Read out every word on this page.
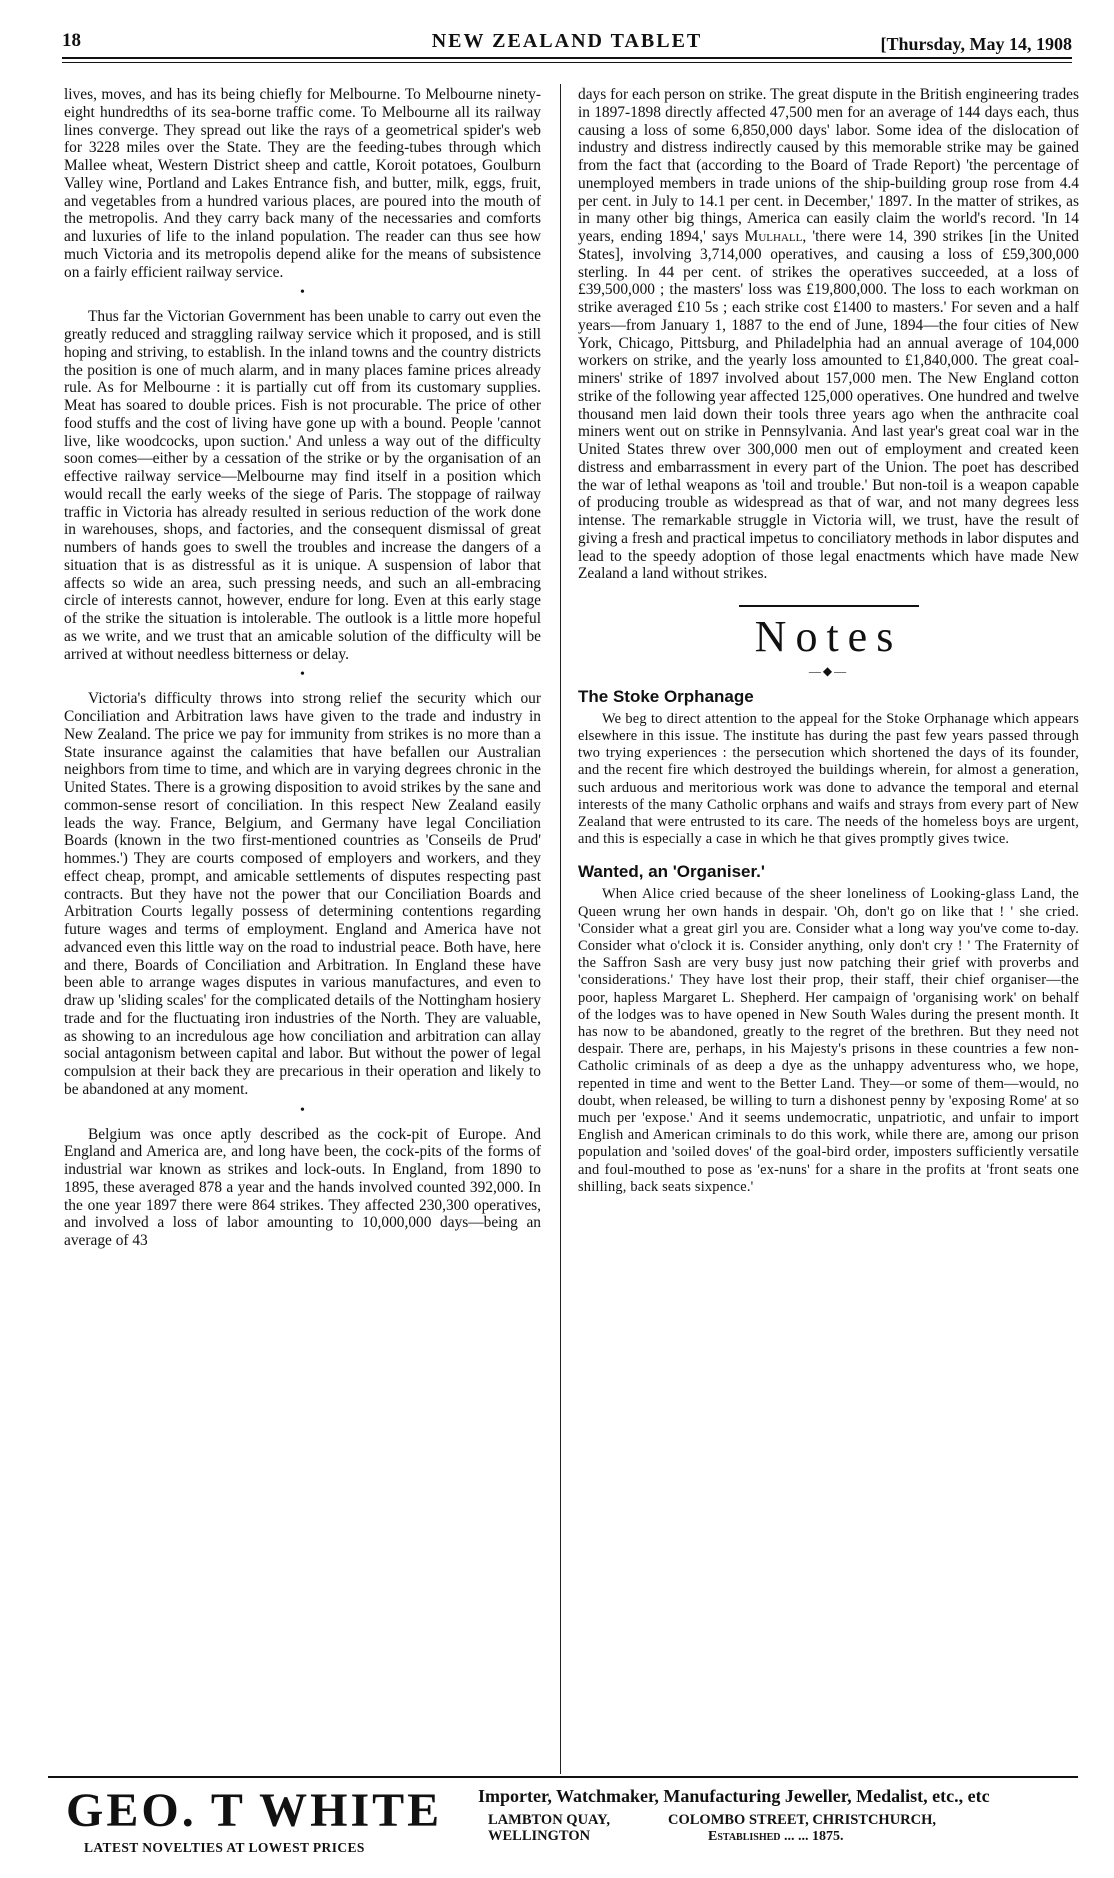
18	NEW ZEALAND TABLET	[Thursday, May 14, 1908

lives, moves, and has its being chiefly for Melbourne. To Melbourne ninety-eight hundredths of its sea-borne traffic come. To Melbourne all its railway lines converge. They spread out like the rays of a geometrical spider's web for 3228 miles over the State. They are the feeding-tubes through which Mallee wheat, Western District sheep and cattle, Koroit potatoes, Goulburn Valley wine, Portland and Lakes Entrance fish, and butter, milk, eggs, fruit, and vegetables from a hundred various places, are poured into the mouth of the metropolis. And they carry back many of the necessaries and comforts and luxuries of life to the inland population. The reader can thus see how much Victoria and its metropolis depend alike for the means of subsistence on a fairly efficient railway service.

•

Thus far the Victorian Government has been unable to carry out even the greatly reduced and straggling railway service which it proposed, and is still hoping and striving, to establish. In the inland towns and the country districts the position is one of much alarm, and in many places famine prices already rule. As for Melbourne : it is partially cut off from its customary supplies. Meat has soared to double prices. Fish is not procurable. The price of other food stuffs and the cost of living have gone up with a bound. People 'cannot live, like woodcocks, upon suction.' And unless a way out of the difficulty soon comes—either by a cessation of the strike or by the organisation of an effective railway service—Melbourne may find itself in a position which would recall the early weeks of the siege of Paris. The stoppage of railway traffic in Victoria has already resulted in serious reduction of the work done in warehouses, shops, and factories, and the consequent dismissal of great numbers of hands goes to swell the troubles and increase the dangers of a situation that is as distressful as it is unique. A suspension of labor that affects so wide an area, such pressing needs, and such an all-embracing circle of interests cannot, however, endure for long. Even at this early stage of the strike the situation is intolerable. The outlook is a little more hopeful as we write, and we trust that an amicable solution of the difficulty will be arrived at without needless bitterness or delay.

•

Victoria's difficulty throws into strong relief the security which our Conciliation and Arbitration laws have given to the trade and industry in New Zealand. The price we pay for immunity from strikes is no more than a State insurance against the calamities that have befallen our Australian neighbors from time to time, and which are in varying degrees chronic in the United States. There is a growing disposition to avoid strikes by the sane and common-sense resort of conciliation. In this respect New Zealand easily leads the way. France, Belgium, and Germany have legal Conciliation Boards (known in the two first-mentioned countries as 'Conseils de Prud' hommes.') They are courts composed of employers and workers, and they effect cheap, prompt, and amicable settlements of disputes respecting past contracts. But they have not the power that our Conciliation Boards and Arbitration Courts legally possess of determining contentions regarding future wages and terms of employment. England and America have not advanced even this little way on the road to industrial peace. Both have, here and there, Boards of Conciliation and Arbitration. In England these have been able to arrange wages disputes in various manufactures, and even to draw up 'sliding scales' for the complicated details of the Nottingham hosiery trade and for the fluctuating iron industries of the North. They are valuable, as showing to an incredulous age how conciliation and arbitration can allay social antagonism between capital and labor. But without the power of legal compulsion at their back they are precarious in their operation and likely to be abandoned at any moment.

•

Belgium was once aptly described as the cock-pit of Europe. And England and America are, and long have been, the cock-pits of the forms of industrial war known as strikes and lock-outs. In England, from 1890 to 1895, these averaged 878 a year and the hands involved counted 392,000. In the one year 1897 there were 864 strikes. They affected 230,300 operatives, and involved a loss of labor amounting to 10,000,000 days—being an average of 43

days for each person on strike. The great dispute in the British engineering trades in 1897-1898 directly affected 47,500 men for an average of 144 days each, thus causing a loss of some 6,850,000 days' labor. Some idea of the dislocation of industry and distress indirectly caused by this memorable strike may be gained from the fact that (according to the Board of Trade Report) 'the percentage of unemployed members in trade unions of the ship-building group rose from 4.4 per cent. in July to 14.1 per cent. in December,' 1897. In the matter of strikes, as in many other big things, America can easily claim the world's record. 'In 14 years, ending 1894,' says Mulhall, 'there were 14, 390 strikes [in the United States], involving 3,714,000 operatives, and causing a loss of £59,300,000 sterling. In 44 per cent. of strikes the operatives succeeded, at a loss of £39,500,000 ; the masters' loss was £19,800,000. The loss to each workman on strike averaged £10 5s ; each strike cost £1400 to masters.' For seven and a half years—from January 1, 1887 to the end of June, 1894—the four cities of New York, Chicago, Pittsburg, and Philadelphia had an annual average of 104,000 workers on strike, and the yearly loss amounted to £1,840,000. The great coal-miners' strike of 1897 involved about 157,000 men. The New England cotton strike of the following year affected 125,000 operatives. One hundred and twelve thousand men laid down their tools three years ago when the anthracite coal miners went out on strike in Pennsylvania. And last year's great coal war in the United States threw over 300,000 men out of employment and created keen distress and embarrassment in every part of the Union. The poet has described the war of lethal weapons as 'toil and trouble.' But non-toil is a weapon capable of producing trouble as widespread as that of war, and not many degrees less intense. The remarkable struggle in Victoria will, we trust, have the result of giving a fresh and practical impetus to conciliatory methods in labor disputes and lead to the speedy adoption of those legal enactments which have made New Zealand a land without strikes.

Notes
—◆—
The Stoke Orphanage

We beg to direct attention to the appeal for the Stoke Orphanage which appears elsewhere in this issue. The institute has during the past few years passed through two trying experiences : the persecution which shortened the days of its founder, and the recent fire which destroyed the buildings wherein, for almost a generation, such arduous and meritorious work was done to advance the temporal and eternal interests of the many Catholic orphans and waifs and strays from every part of New Zealand that were entrusted to its care. The needs of the homeless boys are urgent, and this is especially a case in which he that gives promptly gives twice.

Wanted, an 'Organiser.'

When Alice cried because of the sheer loneliness of Looking-glass Land, the Queen wrung her own hands in despair. 'Oh, don't go on like that ! ' she cried. 'Consider what a great girl you are. Consider what a long way you've come to-day. Consider what o'clock it is. Consider anything, only don't cry ! ' The Fraternity of the Saffron Sash are very busy just now patching their grief with proverbs and 'considerations.' They have lost their prop, their staff, their chief organiser—the poor, hapless Margaret L. Shepherd. Her campaign of 'organising work' on behalf of the lodges was to have opened in New South Wales during the present month. It has now to be abandoned, greatly to the regret of the brethren. But they need not despair. There are, perhaps, in his Majesty's prisons in these countries a few non-Catholic criminals of as deep a dye as the unhappy adventuress who, we hope, repented in time and went to the Better Land. They—or some of them—would, no doubt, when released, be willing to turn a dishonest penny by 'exposing Rome' at so much per 'expose.' And it seems undemocratic, unpatriotic, and unfair to import English and American criminals to do this work, while there are, among our prison population and 'soiled doves' of the goal-bird order, imposters sufficiently versatile and foul-mouthed to pose as 'ex-nuns' for a share in the profits at 'front seats one shilling, back seats sixpence.'

GEO. T WHITE
LATEST NOVELTIES AT LOWEST PRICES
Importer, Watchmaker, Manufacturing Jeweller, Medalist, etc., etc
LAMBTON QUAY,
WELLINGTON
COLOMBO STREET, CHRISTCHURCH,
Established ... ... 1875.
